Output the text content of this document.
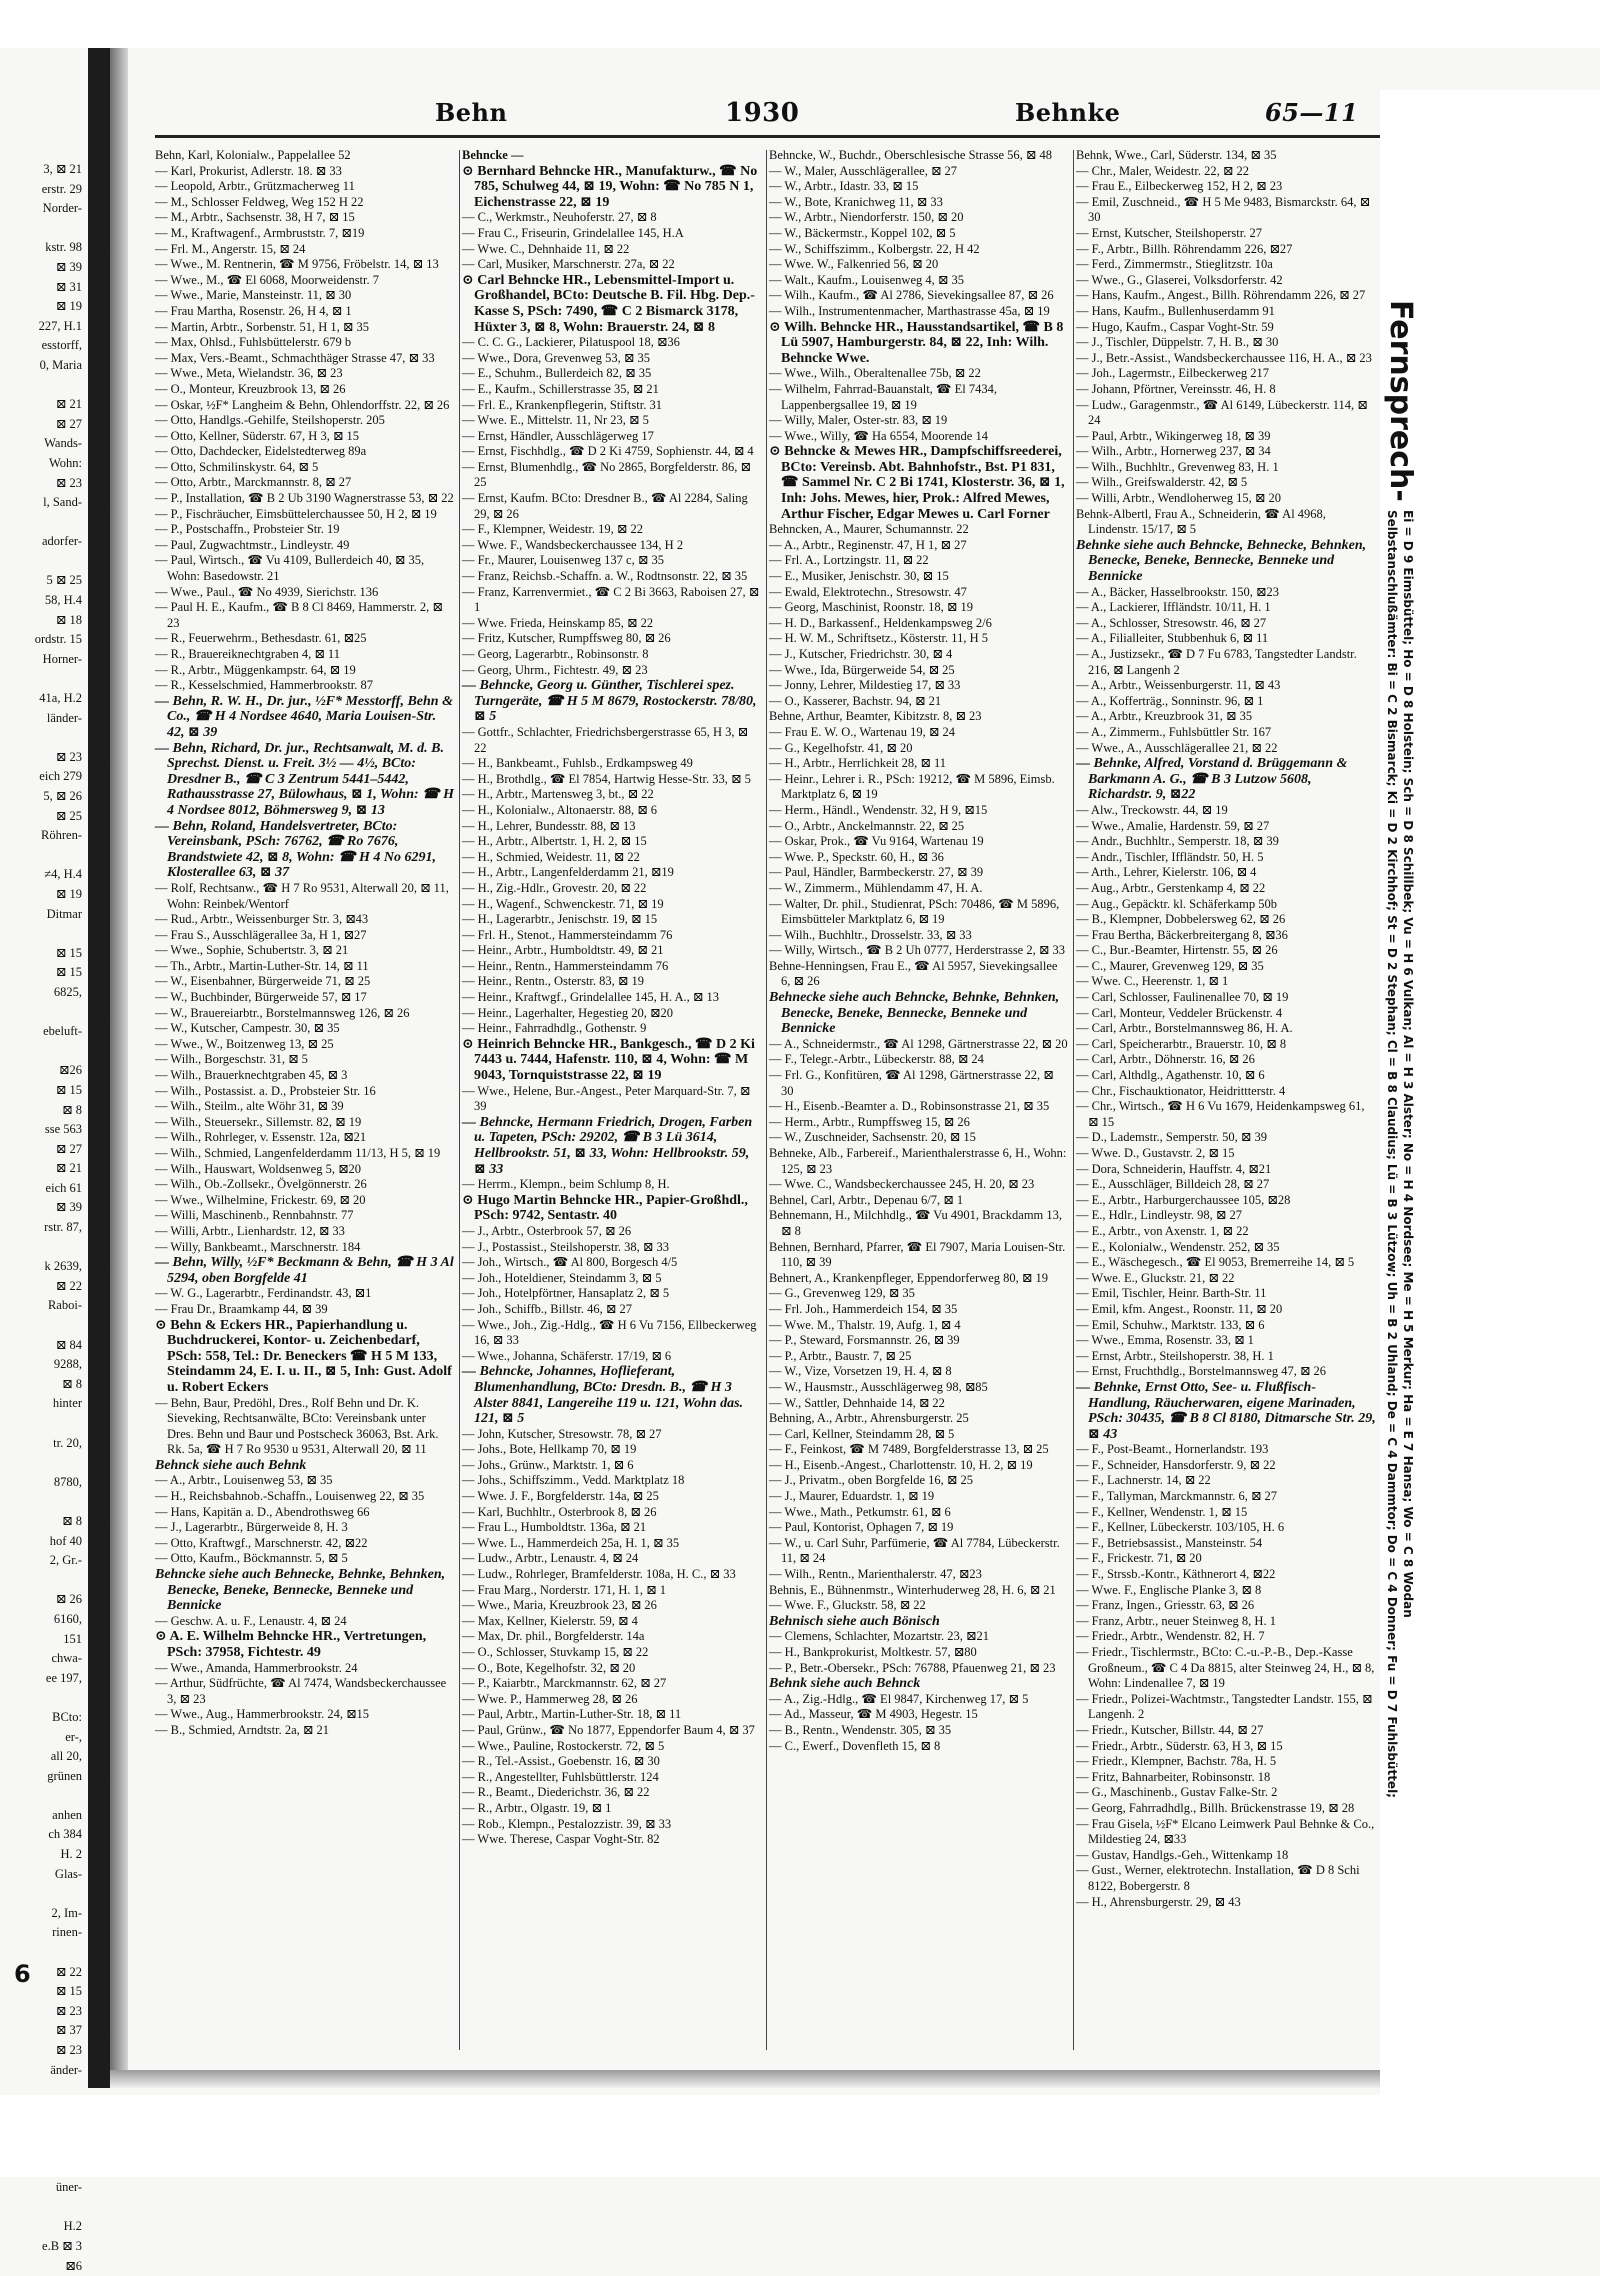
3, ⊠ 21
erstr. 29
Norder-

kstr. 98
⊠ 39
⊠ 31
⊠ 19
227, H.1
esstorff,
0, Maria

⊠ 21
⊠ 27
Wands-
Wohn:
⊠ 23
l, Sand-

adorfer-

5 ⊠ 25
58, H.4
⊠ 18
ordstr. 15
Horner-

41a, H.2
länder-

⊠ 23
eich 279
5, ⊠ 26
⊠ 25
Röhren-

≠4, H.4
⊠ 19
Ditmar

⊠ 15
⊠ 15
6825,

ebeluft-

⊠26
⊠ 15
⊠ 8
sse 563
⊠ 27
⊠ 21
eich 61
⊠ 39
rstr. 87,

k 2639,
⊠ 22
Raboi-

⊠ 84
9288,
⊠ 8
hinter

tr. 20,

8780,

⊠ 8
hof 40
2, Gr.-

⊠ 26
6160,
151
chwa-
ee 197,

BCto:
er-,
all 20,
grünen

anhen
ch 384
H. 2
Glas-

2, Im-
rinen-

⊠ 22
⊠ 15
⊠ 23
⊠ 37
⊠ 23
änder-

üner-

H.2
e.B ⊠ 3
⊠6
6
Behn	1930	Behnke	65—11
Behn, Karl, Kolonialw., Pappelallee 52
— Karl, Prokurist, Adlerstr. 18. ⊠ 33
— Leopold, Arbtr., Grützmacherweg 11
— M., Schlosser Feldweg, Weg 152 H 22
— M., Arbtr., Sachsenstr. 38, H 7, ⊠ 15
— M., Kraftwagenf., Armbruststr. 7, ⊠19
— Frl. M., Angerstr. 15, ⊠ 24
— Wwe., M. Rentnerin, ☎ M 9756, Fröbelstr. 14, ⊠ 13
— Wwe., M., ☎ El 6068, Moorweidenstr. 7
— Wwe., Marie, Mansteinstr. 11, ⊠ 30
— Frau Martha, Rosenstr. 26, H 4, ⊠ 1
— Martin, Arbtr., Sorbenstr. 51, H 1, ⊠ 35
— Max, Ohlsd., Fuhlsbüttelerstr. 679 b
— Max, Vers.-Beamt., Schmachthäger Strasse 47, ⊠ 33
— Wwe., Meta, Wielandstr. 36, ⊠ 23
— O., Monteur, Kreuzbrook 13, ⊠ 26
— Oskar, ½F* Langheim & Behn, Ohlendorffstr. 22, ⊠ 26
— Otto, Handlgs.-Gehilfe, Steilshoperstr. 205
— Otto, Kellner, Süderstr. 67, H 3, ⊠ 15
— Otto, Dachdecker, Eidelstedterweg 89a
— Otto, Schmilinskystr. 64, ⊠ 5
— Otto, Arbtr., Marckmannstr. 8, ⊠ 27
— P., Installation, ☎ B 2 Ub 3190 Wagnerstrasse 53, ⊠ 22
— P., Fischräucher, Eimsbüttelerchaussee 50, H 2, ⊠ 19
— P., Postschaffn., Probsteier Str. 19
— Paul, Zugwachtmstr., Lindleystr. 49
— Paul, Wirtsch., ☎ Vu 4109, Bullerdeich 40, ⊠ 35, Wohn: Basedowstr. 21
— Wwe., Paul., ☎ No 4939, Sierichstr. 136
— Paul H. E., Kaufm., ☎ B 8 Cl 8469, Hammerstr. 2, ⊠ 23
— R., Feuerwehrm., Bethesdastr. 61, ⊠25
— R., Brauereiknechtgraben 4, ⊠ 11
— R., Arbtr., Müggenkampstr. 64, ⊠ 19
— R., Kesselschmied, Hammerbrookstr. 87
— Behn, R. W. H., Dr. jur., ½F* Messtorff, Behn & Co., ☎ H 4 Nordsee 4640, Maria Louisen-Str. 42, ⊠ 39
— Behn, Richard, Dr. jur., Rechtsanwalt, M. d. B. Sprechst. Dienst. u. Freit. 3½ — 4½, BCto: Dresdner B., ☎ C 3 Zentrum 5441–5442, Rathausstrasse 27, Bülowhaus, ⊠ 1, Wohn: ☎ H 4 Nordsee 8012, Böhmersweg 9, ⊠ 13
— Behn, Roland, Handelsvertreter, BCto: Vereinsbank, PSch: 76762, ☎ Ro 7676, Brandstwiete 42, ⊠ 8, Wohn: ☎ H 4 No 6291, Klosterallee 63, ⊠ 37
— Rolf, Rechtsanw., ☎ H 7 Ro 9531, Alterwall 20, ⊠ 11, Wohn: Reinbek/Wentorf
— Rud., Arbtr., Weissenburger Str. 3, ⊠43
— Frau S., Ausschlägerallee 3a, H 1, ⊠27
— Wwe., Sophie, Schubertstr. 3, ⊠ 21
— Th., Arbtr., Martin-Luther-Str. 14, ⊠ 11
— W., Eisenbahner, Bürgerweide 71, ⊠ 25
— W., Buchbinder, Bürgerweide 57, ⊠ 17
— W., Brauereiarbtr., Borstelmannsweg 126, ⊠ 26
— W., Kutscher, Campestr. 30, ⊠ 35
— Wwe., W., Boitzenweg 13, ⊠ 25
— Wilh., Borgeschstr. 31, ⊠ 5
— Wilh., Brauerknechtgraben 45, ⊠ 3
— Wilh., Postassist. a. D., Probsteier Str. 16
— Wilh., Steilm., alte Wöhr 31, ⊠ 39
— Wilh., Steuersekr., Sillemstr. 82, ⊠ 19
— Wilh., Rohrleger, v. Essenstr. 12a, ⊠21
— Wilh., Schmied, Langenfelderdamm 11/13, H 5, ⊠ 19
— Wilh., Hauswart, Woldsenweg 5, ⊠20
— Wilh., Ob.-Zollsekr., Övelgönnerstr. 26
— Wwe., Wilhelmine, Frickestr. 69, ⊠ 20
— Willi, Maschinenb., Rennbahnstr. 77
— Willi, Arbtr., Lienhardstr. 12, ⊠ 33
— Willy, Bankbeamt., Marschnerstr. 184
— Behn, Willy, ½F* Beckmann & Behn, ☎ H 3 Al 5294, oben Borgfelde 41
— W. G., Lagerarbtr., Ferdinandstr. 43, ⊠1
— Frau Dr., Braamkamp 44, ⊠ 39
⊙ Behn & Eckers HR., Papierhandlung u. Buchdruckerei, Kontor- u. Zeichenbedarf, PSch: 558, Tel.: Dr. Beneckers ☎ H 5 M 133, Steindamm 24, E. I. u. II., ⊠ 5, Inh: Gust. Adolf u. Robert Eckers
— Behn, Baur, Predöhl, Dres., Rolf Behn und Dr. K. Sieveking, Rechtsanwälte, BCto: Vereinsbank unter Dres. Behn und Baur und Postscheck 36063, Bst. Ark. Rk. 5a, ☎ H 7 Ro 9530 u 9531, Alterwall 20, ⊠ 11
Behnck siehe auch Behnk
— A., Arbtr., Louisenweg 53, ⊠ 35
— H., Reichsbahnob.-Schaffn., Louisenweg 22, ⊠ 35
— Hans, Kapitän a. D., Abendrothsweg 66
— J., Lagerarbtr., Bürgerweide 8, H. 3
— Otto, Kraftwgf., Marschnerstr. 42, ⊠22
— Otto, Kaufm., Böckmannstr. 5, ⊠ 5
Behncke siehe auch Behnecke, Behnke, Behnken, Benecke, Beneke, Bennecke, Benneke und Bennicke
— Geschw. A. u. F., Lenaustr. 4, ⊠ 24
⊙ A. E. Wilhelm Behncke HR., Vertretungen, PSch: 37958, Fichtestr. 49
— Wwe., Amanda, Hammerbrookstr. 24
— Arthur, Südfrüchte, ☎ Al 7474, Wandsbeckerchaussee 3, ⊠ 23
— Wwe., Aug., Hammerbrookstr. 24, ⊠15
— B., Schmied, Arndtstr. 2a, ⊠ 21
Behncke —
⊙ Bernhard Behncke HR., Manufakturw., ☎ No 785, Schulweg 44, ⊠ 19, Wohn: ☎ No 785 N 1, Eichenstrasse 22, ⊠ 19
— C., Werkmstr., Neuhoferstr. 27, ⊠ 8
— Frau C., Friseurin, Grindelallee 145, H.A
— Wwe. C., Dehnhaide 11, ⊠ 22
— Carl, Musiker, Marschnerstr. 27a, ⊠ 22
⊙ Carl Behncke HR., Lebensmittel-Import u. Großhandel, BCto: Deutsche B. Fil. Hbg. Dep.-Kasse S, PSch: 7490, ☎ C 2 Bismarck 3178, Hüxter 3, ⊠ 8, Wohn: Brauerstr. 24, ⊠ 8
— C. C. G., Lackierer, Pilatuspool 18, ⊠36
— Wwe., Dora, Grevenweg 53, ⊠ 35
— E., Schuhm., Bullerdeich 82, ⊠ 35
— E., Kaufm., Schillerstrasse 35, ⊠ 21
— Frl. E., Krankenpflegerin, Stiftstr. 31
— Wwe. E., Mittelstr. 11, Nr 23, ⊠ 5
— Ernst, Händler, Ausschlägerweg 17
— Ernst, Fischhdlg., ☎ D 2 Ki 4759, Sophienstr. 44, ⊠ 4
— Ernst, Blumenhdlg., ☎ No 2865, Borgfelderstr. 86, ⊠ 25
— Ernst, Kaufm. BCto: Dresdner B., ☎ Al 2284, Saling 29, ⊠ 26
— F., Klempner, Weidestr. 19, ⊠ 22
— Wwe. F., Wandsbeckerchaussee 134, H 2
— Fr., Maurer, Louisenweg 137 c, ⊠ 35
— Franz, Reichsb.-Schaffn. a. W., Rodtnsonstr. 22, ⊠ 35
— Franz, Karrenvermiet., ☎ C 2 Bi 3663, Raboisen 27, ⊠ 1
— Wwe. Frieda, Heinskamp 85, ⊠ 22
— Fritz, Kutscher, Rumpffsweg 80, ⊠ 26
— Georg, Lagerarbtr., Robinsonstr. 8
— Georg, Uhrm., Fichtestr. 49, ⊠ 23
— Behncke, Georg u. Günther, Tischlerei spez. Turngeräte, ☎ H 5 M 8679, Rostockerstr. 78/80, ⊠ 5
— Gottfr., Schlachter, Friedrichsbergerstrasse 65, H 3, ⊠ 22
— H., Bankbeamt., Fuhlsb., Erdkampsweg 49
— H., Brothdlg., ☎ El 7854, Hartwig Hesse-Str. 33, ⊠ 5
— H., Arbtr., Martensweg 3, bt., ⊠ 22
— H., Kolonialw., Altonaerstr. 88, ⊠ 6
— H., Lehrer, Bundesstr. 88, ⊠ 13
— H., Arbtr., Albertstr. 1, H. 2, ⊠ 15
— H., Schmied, Weidestr. 11, ⊠ 22
— H., Arbtr., Langenfelderdamm 21, ⊠19
— H., Zig.-Hdlr., Grovestr. 20, ⊠ 22
— H., Wagenf., Schwenckestr. 71, ⊠ 19
— H., Lagerarbtr., Jenischstr. 19, ⊠ 15
— Frl. H., Stenot., Hammersteindamm 76
— Heinr., Arbtr., Humboldtstr. 49, ⊠ 21
— Heinr., Rentn., Hammersteindamm 76
— Heinr., Rentn., Osterstr. 83, ⊠ 19
— Heinr., Kraftwgf., Grindelallee 145, H. A., ⊠ 13
— Heinr., Lagerhalter, Hegestieg 20, ⊠20
— Heinr., Fahrradhdlg., Gothenstr. 9
⊙ Heinrich Behncke HR., Bankgesch., ☎ D 2 Ki 7443 u. 7444, Hafenstr. 110, ⊠ 4, Wohn: ☎ M 9043, Tornquiststrasse 22, ⊠ 19
— Wwe., Helene, Bur.-Angest., Peter Marquard-Str. 7, ⊠ 39
— Behncke, Hermann Friedrich, Drogen, Farben u. Tapeten, PSch: 29202, ☎ B 3 Lü 3614, Hellbrookstr. 51, ⊠ 33, Wohn: Hellbrookstr. 59, ⊠ 33
— Herrm., Klempn., beim Schlump 8, H.
⊙ Hugo Martin Behncke HR., Papier-Großhdl., PSch: 9742, Sentastr. 40
— J., Arbtr., Osterbrook 57, ⊠ 26
— J., Postassist., Steilshoperstr. 38, ⊠ 33
— Joh., Wirtsch., ☎ Al 800, Borgesch 4/5
— Joh., Hoteldiener, Steindamm 3, ⊠ 5
— Joh., Hotelpförtner, Hansaplatz 2, ⊠ 5
— Joh., Schiffb., Billstr. 46, ⊠ 27
— Wwe., Joh., Zig.-Hdlg., ☎ H 6 Vu 7156, Ellbeckerweg 16, ⊠ 33
— Wwe., Johanna, Schäferstr. 17/19, ⊠ 6
— Behncke, Johannes, Hoflieferant, Blumenhandlung, BCto: Dresdn. B., ☎ H 3 Alster 8841, Langereihe 119 u. 121, Wohn das. 121, ⊠ 5
— John, Kutscher, Stresowstr. 78, ⊠ 27
— Johs., Bote, Hellkamp 70, ⊠ 19
— Johs., Grünw., Marktstr. 1, ⊠ 6
— Johs., Schiffszimm., Vedd. Marktplatz 18
— Wwe. J. F., Borgfelderstr. 14a, ⊠ 25
— Karl, Buchhltr., Osterbrook 8, ⊠ 26
— Frau L., Humboldtstr. 136a, ⊠ 21
— Wwe. L., Hammerdeich 25a, H. 1, ⊠ 35
— Ludw., Arbtr., Lenaustr. 4, ⊠ 24
— Ludw., Rohrleger, Bramfelderstr. 108a, H. C., ⊠ 33
— Frau Marg., Norderstr. 171, H. 1, ⊠ 1
— Wwe., Maria, Kreuzbrook 23, ⊠ 26
— Max, Kellner, Kielerstr. 59, ⊠ 4
— Max, Dr. phil., Borgfelderstr. 14a
— O., Schlosser, Stuvkamp 15, ⊠ 22
— O., Bote, Kegelhofstr. 32, ⊠ 20
— P., Kaiarbtr., Marckmannstr. 62, ⊠ 27
— Wwe. P., Hammerweg 28, ⊠ 26
— Paul, Arbtr., Martin-Luther-Str. 18, ⊠ 11
— Paul, Grünw., ☎ No 1877, Eppendorfer Baum 4, ⊠ 37
— Wwe., Pauline, Rostockerstr. 72, ⊠ 5
— R., Tel.-Assist., Goebenstr. 16, ⊠ 30
— R., Angestellter, Fuhlsbüttlerstr. 124
— R., Beamt., Diederichstr. 36, ⊠ 22
— R., Arbtr., Olgastr. 19, ⊠ 1
— Rob., Klempn., Pestalozzistr. 39, ⊠ 33
— Wwe. Therese, Caspar Voght-Str. 82
Behncke, W., Buchdr., Oberschlesische Strasse 56, ⊠ 48
— W., Maler, Ausschlägerallee, ⊠ 27
— W., Arbtr., Idastr. 33, ⊠ 15
— W., Bote, Kranichweg 11, ⊠ 33
— W., Arbtr., Niendorferstr. 150, ⊠ 20
— W., Bäckermstr., Koppel 102, ⊠ 5
— W., Schiffszimm., Kolbergstr. 22, H 42
— Wwe. W., Falkenried 56, ⊠ 20
— Walt., Kaufm., Louisenweg 4, ⊠ 35
— Wilh., Kaufm., ☎ Al 2786, Sievekingsallee 87, ⊠ 26
— Wilh., Instrumentenmacher, Marthastrasse 45a, ⊠ 19
⊙ Wilh. Behncke HR., Hausstandsartikel, ☎ B 8 Lü 5907, Hamburgerstr. 84, ⊠ 22, Inh: Wilh. Behncke Wwe.
— Wwe., Wilh., Oberaltenallee 75b, ⊠ 22
— Wilhelm, Fahrrad-Bauanstalt, ☎ El 7434, Lappenbergsallee 19, ⊠ 19
— Willy, Maler, Oster-str. 83, ⊠ 19
— Wwe., Willy, ☎ Ha 6554, Moorende 14
⊙ Behncke & Mewes HR., Dampfschiffsreederei, BCto: Vereinsb. Abt. Bahnhofstr., Bst. P1 831, ☎ Sammel Nr. C 2 Bi 1741, Klosterstr. 36, ⊠ 1, Inh: Johs. Mewes, hier, Prok.: Alfred Mewes, Arthur Fischer, Edgar Mewes u. Carl Forner
Behncken, A., Maurer, Schumannstr. 22
— A., Arbtr., Reginenstr. 47, H 1, ⊠ 27
— Frl. A., Lortzingstr. 11, ⊠ 22
— E., Musiker, Jenischstr. 30, ⊠ 15
— Ewald, Elektrotechn., Stresowstr. 47
— Georg, Maschinist, Roonstr. 18, ⊠ 19
— H. D., Barkassenf., Heldenkampsweg 2/6
— H. W. M., Schriftsetz., Kösterstr. 11, H 5
— J., Kutscher, Friedrichstr. 30, ⊠ 4
— Wwe., Ida, Bürgerweide 54, ⊠ 25
— Jonny, Lehrer, Mildestieg 17, ⊠ 33
— O., Kasserer, Bachstr. 94, ⊠ 21
Behne, Arthur, Beamter, Kibitzstr. 8, ⊠ 23
— Frau E. W. O., Wartenau 19, ⊠ 24
— G., Kegelhofstr. 41, ⊠ 20
— H., Arbtr., Herrlichkeit 28, ⊠ 11
— Heinr., Lehrer i. R., PSch: 19212, ☎ M 5896, Eimsb. Marktplatz 6, ⊠ 19
— Herm., Händl., Wendenstr. 32, H 9, ⊠15
— O., Arbtr., Anckelmannstr. 22, ⊠ 25
— Oskar, Prok., ☎ Vu 9164, Wartenau 19
— Wwe. P., Speckstr. 60, H., ⊠ 36
— Paul, Händler, Barmbeckerstr. 27, ⊠ 39
— W., Zimmerm., Mühlendamm 47, H. A.
— Walter, Dr. phil., Studienrat, PSch: 70486, ☎ M 5896, Eimsbütteler Marktplatz 6, ⊠ 19
— Wilh., Buchhltr., Drosselstr. 33, ⊠ 33
— Willy, Wirtsch., ☎ B 2 Uh 0777, Herderstrasse 2, ⊠ 33
Behne-Henningsen, Frau E., ☎ Al 5957, Sievekingsallee 6, ⊠ 26
Behnecke siehe auch Behncke, Behnke, Behnken, Benecke, Beneke, Bennecke, Benneke und Bennicke
— A., Schneidermstr., ☎ Al 1298, Gärtnerstrasse 22, ⊠ 20
— F., Telegr.-Arbtr., Lübeckerstr. 88, ⊠ 24
— Frl. G., Konfitüren, ☎ Al 1298, Gärtnerstrasse 22, ⊠ 30
— H., Eisenb.-Beamter a. D., Robinsonstrasse 21, ⊠ 35
— Herm., Arbtr., Rumpffsweg 15, ⊠ 26
— W., Zuschneider, Sachsenstr. 20, ⊠ 15
Behneke, Alb., Farbereif., Marienthalerstrasse 6, H., Wohn: 125, ⊠ 23
— Wwe. C., Wandsbeckerchaussee 245, H. 20, ⊠ 23
Behnel, Carl, Arbtr., Depenau 6/7, ⊠ 1
Behnemann, H., Milchhdlg., ☎ Vu 4901, Brackdamm 13, ⊠ 8
Behnen, Bernhard, Pfarrer, ☎ El 7907, Maria Louisen-Str. 110, ⊠ 39
Behnert, A., Krankenpfleger, Eppendorferweg 80, ⊠ 19
— G., Grevenweg 129, ⊠ 35
— Frl. Joh., Hammerdeich 154, ⊠ 35
— Wwe. M., Thalstr. 19, Aufg. 1, ⊠ 4
— P., Steward, Forsmannstr. 26, ⊠ 39
— P., Arbtr., Baustr. 7, ⊠ 25
— W., Vize, Vorsetzen 19, H. 4, ⊠ 8
— W., Hausmstr., Ausschlägerweg 98, ⊠85
— W., Sattler, Dehnhaide 14, ⊠ 22
Behning, A., Arbtr., Ahrensburgerstr. 25
— Carl, Kellner, Steindamm 28, ⊠ 5
— F., Feinkost, ☎ M 7489, Borgfelderstrasse 13, ⊠ 25
— H., Eisenb.-Angest., Charlottenstr. 10, H. 2, ⊠ 19
— J., Privatm., oben Borgfelde 16, ⊠ 25
— J., Maurer, Eduardstr. 1, ⊠ 19
— Wwe., Math., Petkumstr. 61, ⊠ 6
— Paul, Kontorist, Ophagen 7, ⊠ 19
— W., u. Carl Suhr, Parfümerie, ☎ Al 7784, Lübeckerstr. 11, ⊠ 24
— Wilh., Rentn., Marienthalerstr. 47, ⊠23
Behnis, E., Bühnenmstr., Winterhuderweg 28, H. 6, ⊠ 21
— Wwe. F., Gluckstr. 58, ⊠ 22
Behnisch siehe auch Bönisch
— Clemens, Schlachter, Mozartstr. 23, ⊠21
— H., Bankprokurist, Moltkestr. 57, ⊠80
— P., Betr.-Obersekr., PSch: 76788, Pfauenweg 21, ⊠ 23
Behnk siehe auch Behnck
— A., Zig.-Hdlg., ☎ El 9847, Kirchenweg 17, ⊠ 5
— Ad., Masseur, ☎ M 4903, Hegestr. 15
— B., Rentn., Wendenstr. 305, ⊠ 35
— C., Ewerf., Dovenfleth 15, ⊠ 8
Behnk, Wwe., Carl, Süderstr. 134, ⊠ 35
— Chr., Maler, Weidestr. 22, ⊠ 22
— Frau E., Eilbeckerweg 152, H 2, ⊠ 23
— Emil, Zuschneid., ☎ H 5 Me 9483, Bismarckstr. 64, ⊠ 30
— Ernst, Kutscher, Steilshoperstr. 27
— F., Arbtr., Billh. Röhrendamm 226, ⊠27
— Ferd., Zimmermstr., Stieglitzstr. 10a
— Wwe., G., Glaserei, Volksdorferstr. 42
— Hans, Kaufm., Angest., Billh. Röhrendamm 226, ⊠ 27
— Hans, Kaufm., Bullenhuserdamm 91
— Hugo, Kaufm., Caspar Voght-Str. 59
— J., Tischler, Düppelstr. 7, H. B., ⊠ 30
— J., Betr.-Assist., Wandsbeckerchaussee 116, H. A., ⊠ 23
— Joh., Lagermstr., Eilbeckerweg 217
— Johann, Pförtner, Vereinsstr. 46, H. 8
— Ludw., Garagenmstr., ☎ Al 6149, Lübeckerstr. 114, ⊠ 24
— Paul, Arbtr., Wikingerweg 18, ⊠ 39
— Wilh., Arbtr., Hornerweg 237, ⊠ 34
— Wilh., Buchhltr., Grevenweg 83, H. 1
— Wilh., Greifswalderstr. 42, ⊠ 5
— Willi, Arbtr., Wendloherweg 15, ⊠ 20
Behnk-Albertl, Frau A., Schneiderin, ☎ Al 4968, Lindenstr. 15/17, ⊠ 5
Behnke siehe auch Behncke, Behnecke, Behnken, Benecke, Beneke, Bennecke, Benneke und Bennicke
— A., Bäcker, Hasselbrookstr. 150, ⊠23
— A., Lackierer, Iffländstr. 10/11, H. 1
— A., Schlosser, Stresowstr. 46, ⊠ 27
— A., Filialleiter, Stubbenhuk 6, ⊠ 11
— A., Justizsekr., ☎ D 7 Fu 6783, Tangstedter Landstr. 216, ⊠ Langenh 2
— A., Arbtr., Weissenburgerstr. 11, ⊠ 43
— A., Kofferträg., Sonninstr. 96, ⊠ 1
— A., Arbtr., Kreuzbrook 31, ⊠ 35
— A., Zimmerm., Fuhlsbüttler Str. 167
— Wwe., A., Ausschlägerallee 21, ⊠ 22
— Behnke, Alfred, Vorstand d. Brüggemann & Barkmann A. G., ☎ B 3 Lutzow 5608, Richardstr. 9, ⊠22
— Alw., Treckowstr. 44, ⊠ 19
— Wwe., Amalie, Hardenstr. 59, ⊠ 27
— Andr., Buchhltr., Semperstr. 18, ⊠ 39
— Andr., Tischler, Iffländstr. 50, H. 5
— Arth., Lehrer, Kielerstr. 106, ⊠ 4
— Aug., Arbtr., Gerstenkamp 4, ⊠ 22
— Aug., Gepäcktr. kl. Schäferkamp 50b
— B., Klempner, Dobbelersweg 62, ⊠ 26
— Frau Bertha, Bäckerbreitergang 8, ⊠36
— C., Bur.-Beamter, Hirtenstr. 55, ⊠ 26
— C., Maurer, Grevenweg 129, ⊠ 35
— Wwe. C., Heerenstr. 1, ⊠ 1
— Carl, Schlosser, Faulinenallee 70, ⊠ 19
— Carl, Monteur, Veddeler Brückenstr. 4
— Carl, Arbtr., Borstelmannsweg 86, H. A.
— Carl, Speicherarbtr., Brauerstr. 10, ⊠ 8
— Carl, Arbtr., Döhnerstr. 16, ⊠ 26
— Carl, Althdlg., Agathenstr. 10, ⊠ 6
— Chr., Fischauktionator, Heidrittterstr. 4
— Chr., Wirtsch., ☎ H 6 Vu 1679, Heidenkampsweg 61, ⊠ 15
— D., Lademstr., Semperstr. 50, ⊠ 39
— Wwe. D., Gustavstr. 2, ⊠ 15
— Dora, Schneiderin, Hauffstr. 4, ⊠21
— E., Ausschläger, Billdeich 28, ⊠ 27
— E., Arbtr., Harburgerchaussee 105, ⊠28
— E., Hdlr., Lindleystr. 98, ⊠ 27
— E., Arbtr., von Axenstr. 1, ⊠ 22
— E., Kolonialw., Wendenstr. 252, ⊠ 35
— E., Wäschegesch., ☎ El 9053, Bremerreihe 14, ⊠ 5
— Wwe. E., Gluckstr. 21, ⊠ 22
— Emil, Tischler, Heinr. Barth-Str. 11
— Emil, kfm. Angest., Roonstr. 11, ⊠ 20
— Emil, Schuhw., Marktstr. 133, ⊠ 6
— Wwe., Emma, Rosenstr. 33, ⊠ 1
— Ernst, Arbtr., Steilshoperstr. 38, H. 1
— Ernst, Fruchthdlg., Borstelmannsweg 47, ⊠ 26
— Behnke, Ernst Otto, See- u. Flußfisch-Handlung, Räucherwaren, eigene Marinaden, PSch: 30435, ☎ B 8 Cl 8180, Ditmarsche Str. 29, ⊠ 43
— F., Post-Beamt., Hornerlandstr. 193
— F., Schneider, Hansdorferstr. 9, ⊠ 22
— F., Lachnerstr. 14, ⊠ 22
— F., Tallyman, Marckmannstr. 6, ⊠ 27
— F., Kellner, Wendenstr. 1, ⊠ 15
— F., Kellner, Lübeckerstr. 103/105, H. 6
— F., Betriebsassist., Mansteinstr. 54
— F., Frickestr. 71, ⊠ 20
— F., Strssb.-Kontr., Käthnerort 4, ⊠22
— Wwe. F., Englische Planke 3, ⊠ 8
— Franz, Ingen., Griesstr. 63, ⊠ 26
— Franz, Arbtr., neuer Steinweg 8, H. 1
— Friedr., Arbtr., Wendenstr. 82, H. 7
— Friedr., Tischlermstr., BCto: C.-u.-P.-B., Dep.-Kasse Großneum., ☎ C 4 Da 8815, alter Steinweg 24, H., ⊠ 8, Wohn: Lindenallee 7, ⊠ 19
— Friedr., Polizei-Wachtmstr., Tangstedter Landstr. 155, ⊠ Langenh. 2
— Friedr., Kutscher, Billstr. 44, ⊠ 27
— Friedr., Arbtr., Süderstr. 63, H 3, ⊠ 15
— Friedr., Klempner, Bachstr. 78a, H. 5
— Fritz, Bahnarbeiter, Robinsonstr. 18
— G., Maschinenb., Gustav Falke-Str. 2
— Georg, Fahrradhdlg., Billh. Brückenstrasse 19, ⊠ 28
— Frau Gisela, ½F* Elcano Leimwerk Paul Behnke & Co., Mildestieg 24, ⊠33
— Gustav, Handlgs.-Geh., Wittenkamp 18
— Gust., Werner, elektrotechn. Installation, ☎ D 8 Schi 8122, Bobergerstr. 8
— H., Ahrensburgerstr. 29, ⊠ 43
Fernsprech-
Selbstanschlußämter: Bi = C 2 Bismarck; Ki = D 2 Kirchhof; St = D 2 Stephan; Cl = B 8 Claudius; Lü = B 3 Lützow; Uh = B 2 Uhland; De = C 4 Dammtor; Do = C 4 Donner; Fu = D 7 Fuhlsbüttel; Ei = D 9 Eimsbüttel; Ho = D 8 Holstein; Sch = D 8 Schillbek; Vu = H 6 Vulkan; Al = H 3 Alster; No = H 4 Nordsee; Me = H 5 Merkur; Ha = E 7 Hansa; Wo = C 8 Wodan
